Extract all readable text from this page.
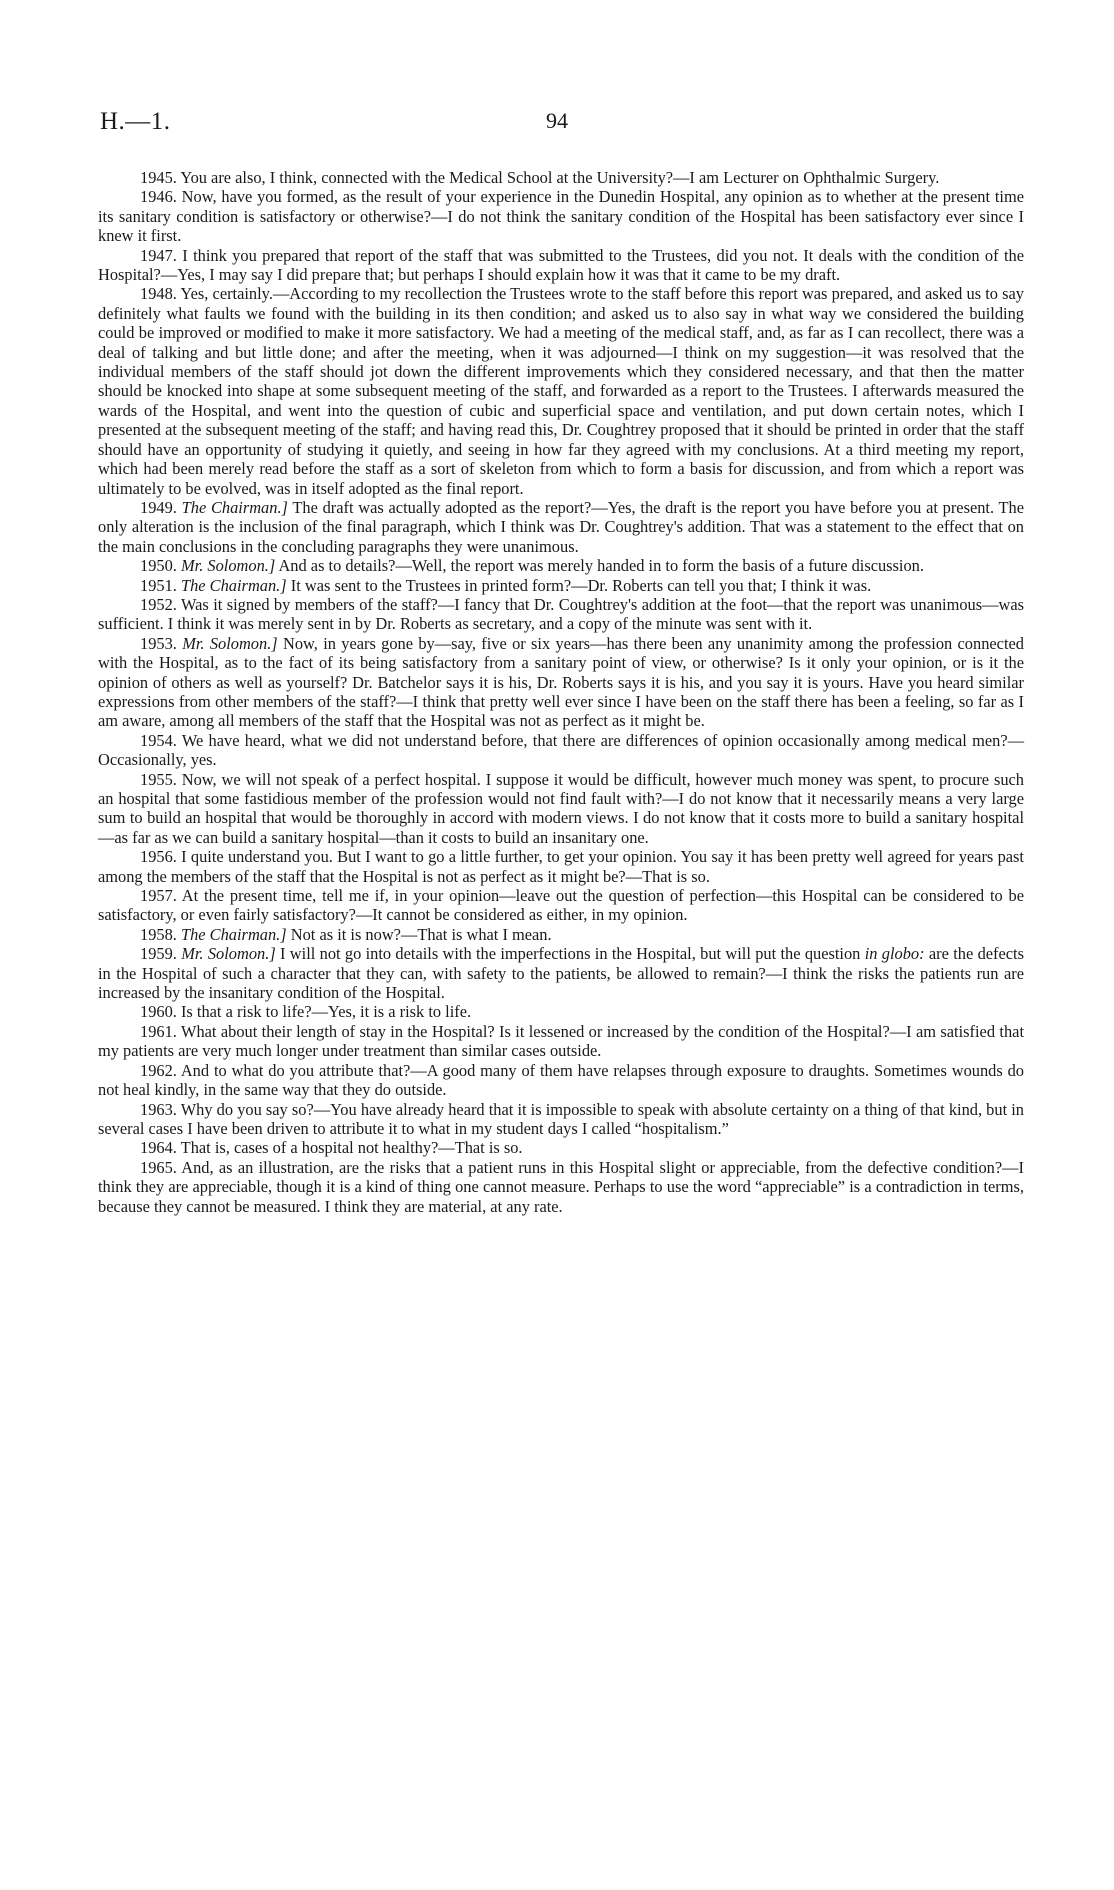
H.—1.	94

1945. You are also, I think, connected with the Medical School at the University?—I am Lecturer on Ophthalmic Surgery.

1946. Now, have you formed, as the result of your experience in the Dunedin Hospital, any opinion as to whether at the present time its sanitary condition is satisfactory or otherwise?—I do not think the sanitary condition of the Hospital has been satisfactory ever since I knew it first.

1947. I think you prepared that report of the staff that was submitted to the Trustees, did you not. It deals with the condition of the Hospital?—Yes, I may say I did prepare that; but perhaps I should explain how it was that it came to be my draft.

1948. Yes, certainly.—According to my recollection the Trustees wrote to the staff before this report was prepared, and asked us to say definitely what faults we found with the building in its then condition; and asked us to also say in what way we considered the building could be improved or modified to make it more satisfactory. We had a meeting of the medical staff, and, as far as I can recollect, there was a deal of talking and but little done; and after the meeting, when it was adjourned—I think on my suggestion—it was resolved that the individual members of the staff should jot down the different improvements which they considered necessary, and that then the matter should be knocked into shape at some subsequent meeting of the staff, and forwarded as a report to the Trustees. I afterwards measured the wards of the Hospital, and went into the question of cubic and superficial space and ventilation, and put down certain notes, which I presented at the subsequent meeting of the staff; and having read this, Dr. Coughtrey proposed that it should be printed in order that the staff should have an opportunity of studying it quietly, and seeing in how far they agreed with my conclusions. At a third meeting my report, which had been merely read before the staff as a sort of skeleton from which to form a basis for discussion, and from which a report was ultimately to be evolved, was in itself adopted as the final report.

1949. The Chairman.] The draft was actually adopted as the report?—Yes, the draft is the report you have before you at present. The only alteration is the inclusion of the final paragraph, which I think was Dr. Coughtrey's addition. That was a statement to the effect that on the main conclusions in the concluding paragraphs they were unanimous.

1950. Mr. Solomon.] And as to details?—Well, the report was merely handed in to form the basis of a future discussion.

1951. The Chairman.] It was sent to the Trustees in printed form?—Dr. Roberts can tell you that; I think it was.

1952. Was it signed by members of the staff?—I fancy that Dr. Coughtrey's addition at the foot—that the report was unanimous—was sufficient. I think it was merely sent in by Dr. Roberts as secretary, and a copy of the minute was sent with it.

1953. Mr. Solomon.] Now, in years gone by—say, five or six years—has there been any unanimity among the profession connected with the Hospital, as to the fact of its being satisfactory from a sanitary point of view, or otherwise? Is it only your opinion, or is it the opinion of others as well as yourself? Dr. Batchelor says it is his, Dr. Roberts says it is his, and you say it is yours. Have you heard similar expressions from other members of the staff?—I think that pretty well ever since I have been on the staff there has been a feeling, so far as I am aware, among all members of the staff that the Hospital was not as perfect as it might be.

1954. We have heard, what we did not understand before, that there are differences of opinion occasionally among medical men?—Occasionally, yes.

1955. Now, we will not speak of a perfect hospital. I suppose it would be difficult, however much money was spent, to procure such an hospital that some fastidious member of the profession would not find fault with?—I do not know that it necessarily means a very large sum to build an hospital that would be thoroughly in accord with modern views. I do not know that it costs more to build a sanitary hospital—as far as we can build a sanitary hospital—than it costs to build an insanitary one.

1956. I quite understand you. But I want to go a little further, to get your opinion. You say it has been pretty well agreed for years past among the members of the staff that the Hospital is not as perfect as it might be?—That is so.

1957. At the present time, tell me if, in your opinion—leave out the question of perfection—this Hospital can be considered to be satisfactory, or even fairly satisfactory?—It cannot be considered as either, in my opinion.

1958. The Chairman.] Not as it is now?—That is what I mean.

1959. Mr. Solomon.] I will not go into details with the imperfections in the Hospital, but will put the question in globo: are the defects in the Hospital of such a character that they can, with safety to the patients, be allowed to remain?—I think the risks the patients run are increased by the insanitary condition of the Hospital.

1960. Is that a risk to life?—Yes, it is a risk to life.

1961. What about their length of stay in the Hospital? Is it lessened or increased by the condition of the Hospital?—I am satisfied that my patients are very much longer under treatment than similar cases outside.

1962. And to what do you attribute that?—A good many of them have relapses through exposure to draughts. Sometimes wounds do not heal kindly, in the same way that they do outside.

1963. Why do you say so?—You have already heard that it is impossible to speak with absolute certainty on a thing of that kind, but in several cases I have been driven to attribute it to what in my student days I called “hospitalism.”

1964. That is, cases of a hospital not healthy?—That is so.

1965. And, as an illustration, are the risks that a patient runs in this Hospital slight or appreciable, from the defective condition?—I think they are appreciable, though it is a kind of thing one cannot measure. Perhaps to use the word “appreciable” is a contradiction in terms, because they cannot be measured. I think they are material, at any rate.
